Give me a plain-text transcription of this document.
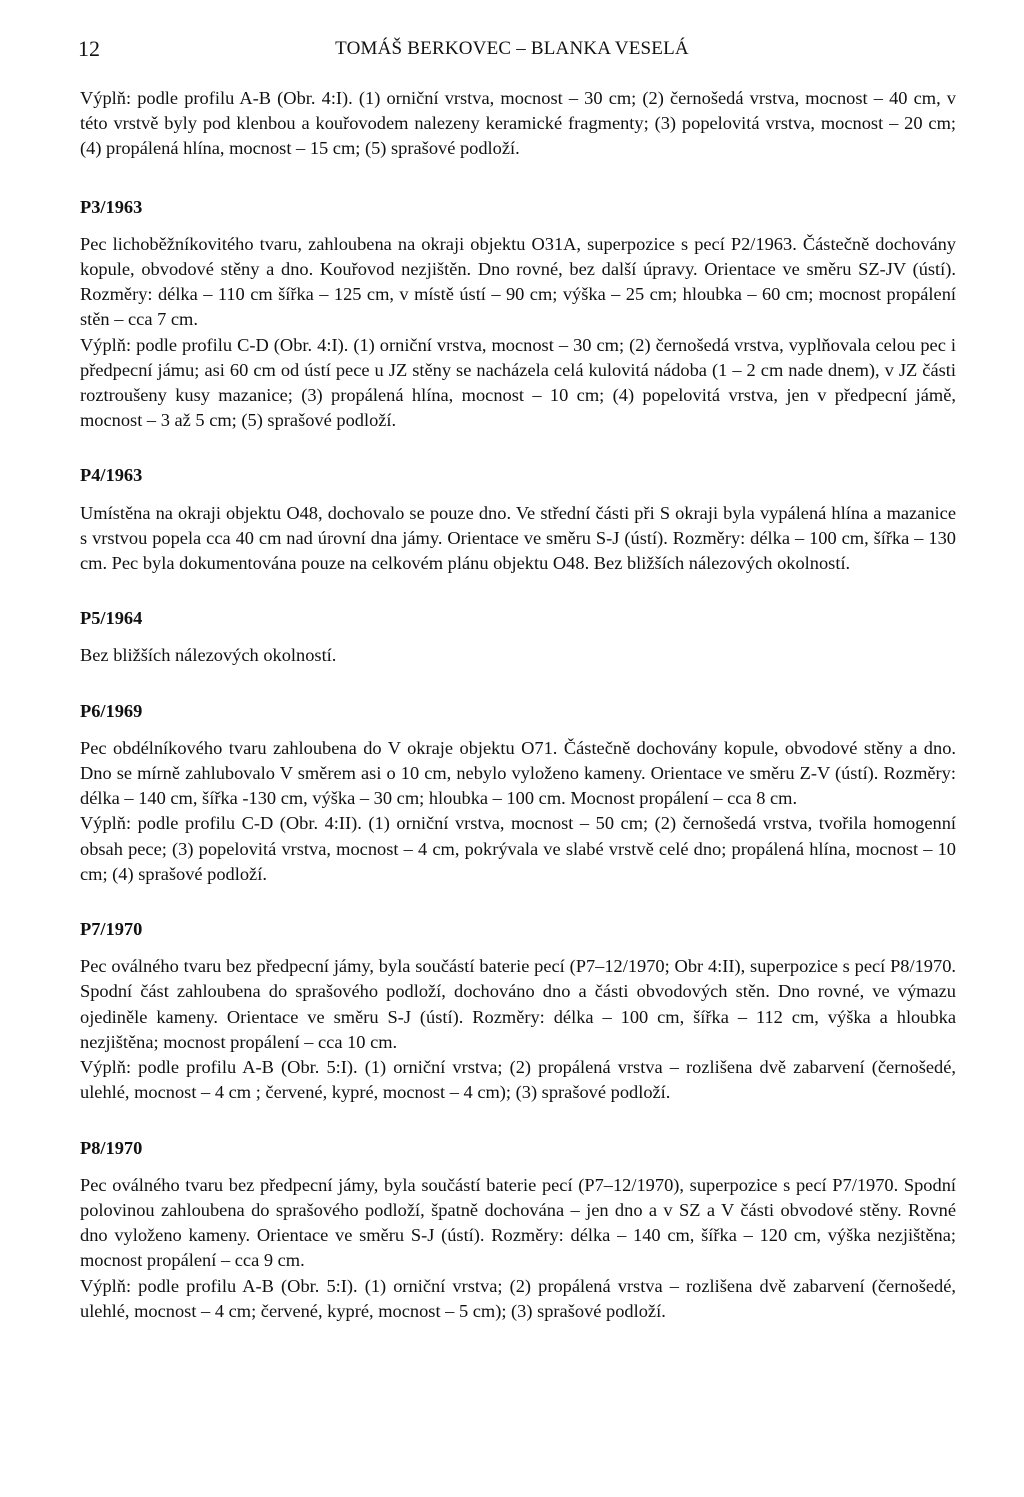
12	TOMÁŠ BERKOVEC – BLANKA VESELÁ

Výplň: podle profilu A-B (Obr. 4:I). (1) orniční vrstva, mocnost – 30 cm; (2) černošedá vrstva, mocnost – 40 cm, v této vrstvě byly pod klenbou a kouřovodem nalezeny keramické fragmenty; (3) popelovitá vrstva, mocnost – 20 cm; (4) propálená hlína, mocnost – 15 cm; (5) sprašové podloží.

P3/1963

Pec lichoběžníkovitého tvaru, zahloubena na okraji objektu O31A, superpozice s pecí P2/1963. Částečně dochovány kopule, obvodové stěny a dno. Kouřovod nezjištěn. Dno rovné, bez další úpravy. Orientace ve směru SZ-JV (ústí). Rozměry: délka – 110 cm šířka – 125 cm, v místě ústí – 90 cm; výška – 25 cm; hloubka – 60 cm; mocnost propálení stěn – cca 7 cm.

Výplň: podle profilu C-D (Obr. 4:I). (1) orniční vrstva, mocnost – 30 cm; (2) černošedá vrstva, vyplňovala celou pec i předpecní jámu; asi 60 cm od ústí pece u JZ stěny se nacházela celá kulovitá nádoba (1 – 2 cm nade dnem), v JZ části roztroušeny kusy mazanice; (3) propálená hlína, mocnost – 10 cm; (4) popelovitá vrstva, jen v předpecní jámě, mocnost – 3 až 5 cm; (5) sprašové podloží.

P4/1963

Umístěna na okraji objektu O48, dochovalo se pouze dno. Ve střední části při S okraji byla vypálená hlína a mazanice s vrstvou popela cca 40 cm nad úrovní dna jámy. Orientace ve směru S-J (ústí). Rozměry: délka – 100 cm, šířka – 130 cm. Pec byla dokumentována pouze na celkovém plánu objektu O48. Bez bližších nálezových okolností.

P5/1964

Bez bližších nálezových okolností.

P6/1969

Pec obdélníkového tvaru zahloubena do V okraje objektu O71. Částečně dochovány kopule, obvodové stěny a dno. Dno se mírně zahlubovalo V směrem asi o 10 cm, nebylo vyloženo kameny. Orientace ve směru Z-V (ústí). Rozměry: délka – 140 cm, šířka -130 cm, výška – 30 cm; hloubka – 100 cm. Mocnost propálení – cca 8 cm.

Výplň: podle profilu C-D (Obr. 4:II). (1) orniční vrstva, mocnost – 50 cm; (2) černošedá vrstva, tvořila homogenní obsah pece; (3) popelovitá vrstva, mocnost – 4 cm, pokrývala ve slabé vrstvě celé dno; propálená hlína, mocnost – 10 cm; (4) sprašové podloží.

P7/1970

Pec oválného tvaru bez předpecní jámy, byla součástí baterie pecí (P7–12/1970; Obr 4:II), superpozice s pecí P8/1970. Spodní část zahloubena do sprašového podloží, dochováno dno a části obvodových stěn. Dno rovné, ve výmazu ojediněle kameny. Orientace ve směru S-J (ústí). Rozměry: délka – 100 cm, šířka – 112 cm, výška a hloubka nezjištěna; mocnost propálení – cca 10 cm.

Výplň: podle profilu A-B (Obr. 5:I). (1) orniční vrstva; (2) propálená vrstva – rozlišena dvě zabarvení (černošedé, ulehlé, mocnost – 4 cm ; červené, kypré, mocnost – 4 cm); (3) sprašové podloží.

P8/1970

Pec oválného tvaru bez předpecní jámy, byla součástí baterie pecí (P7–12/1970), superpozice s pecí P7/1970. Spodní polovinou zahloubena do sprašového podloží, špatně dochována – jen dno a v SZ a V části obvodové stěny. Rovné dno vyloženo kameny. Orientace ve směru S-J (ústí). Rozměry: délka – 140 cm, šířka – 120 cm, výška nezjištěna; mocnost propálení – cca 9 cm.

Výplň: podle profilu A-B (Obr. 5:I). (1) orniční vrstva; (2) propálená vrstva – rozlišena dvě zabarvení (černošedé, ulehlé, mocnost – 4 cm; červené, kypré, mocnost – 5 cm); (3) sprašové podloží.
